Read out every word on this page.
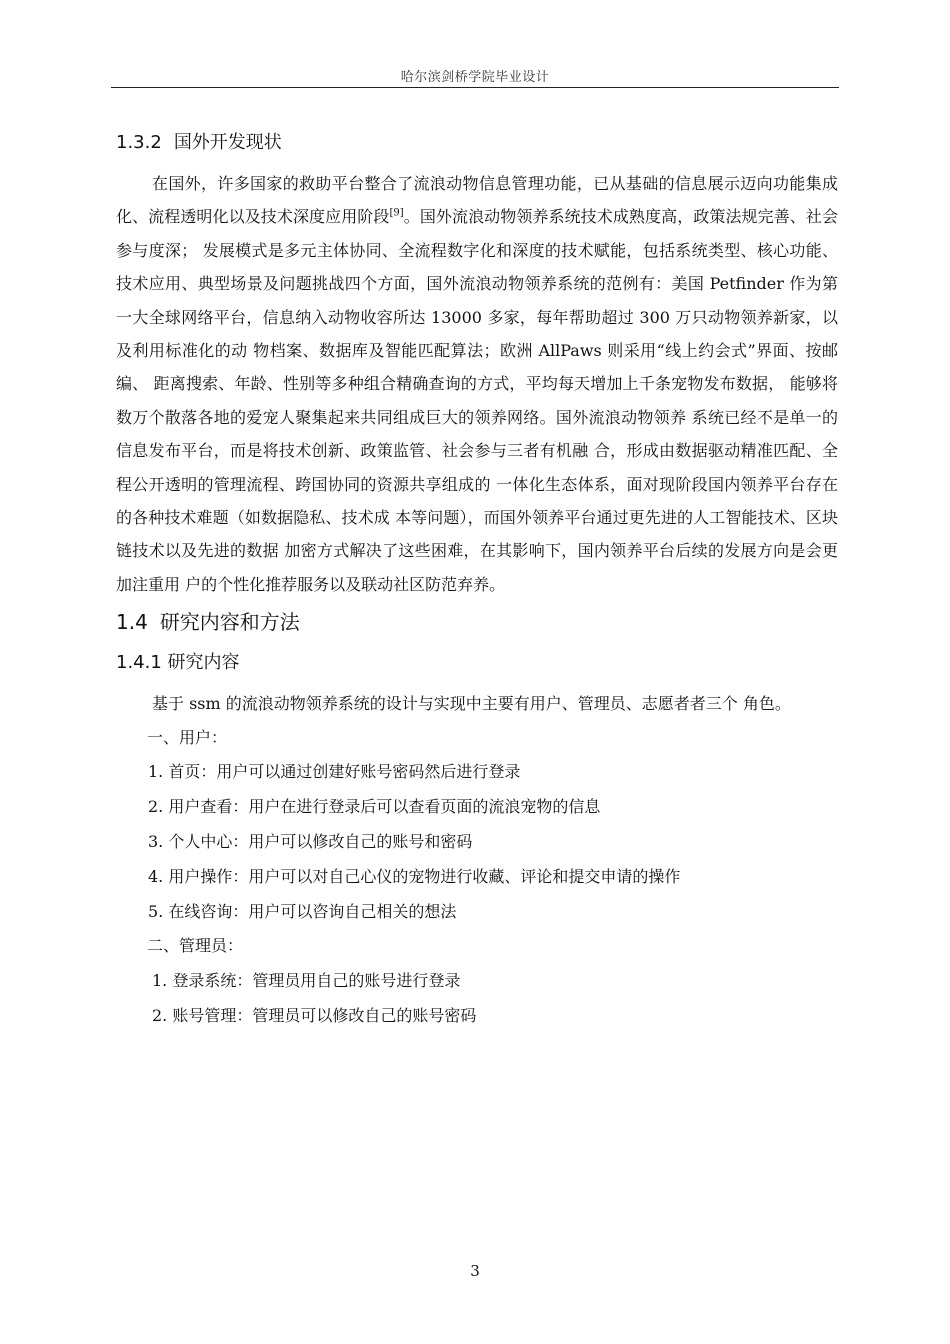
哈尔滨剑桥学院毕业设计
1.3.2 国外开发现状

在国外，许多国家的救助平台整合了流浪动物信息管理功能，已从基础的信息展示迈向功能集成化、流程透明化以及技术深度应用阶段[9]。国外流浪动物领养系统技术成熟度高，政策法规完善、社会参与度深； 发展模式是多元主体协同、全流程数字化和深度的技术赋能，包括系统类型、核心功能、技术应用、典型场景及问题挑战四个方面，国外流浪动物领养系统的范例有：美国 Petfinder 作为第一大全球网络平台，信息纳入动物收容所达 13000 多家，每年帮助超过 300 万只动物领养新家，以及利用标准化的动 物档案、数据库及智能匹配算法；欧洲 AllPaws 则采用“线上约会式”界面、按邮编、 距离搜索、年龄、性别等多种组合精确查询的方式，平均每天增加上千条宠物发布数据， 能够将数万个散落各地的爱宠人聚集起来共同组成巨大的领养网络。国外流浪动物领养 系统已经不是单一的信息发布平台，而是将技术创新、政策监管、社会参与三者有机融 合，形成由数据驱动精准匹配、全程公开透明的管理流程、跨国协同的资源共享组成的 一体化生态体系，面对现阶段国内领养平台存在的各种技术难题（如数据隐私、技术成 本等问题），而国外领养平台通过更先进的人工智能技术、区块链技术以及先进的数据 加密方式解决了这些困难，在其影响下，国内领养平台后续的发展方向是会更加注重用 户的个性化推荐服务以及联动社区防范弃养。

1.4 研究内容和方法
1.4.1 研究内容

基于 ssm 的流浪动物领养系统的设计与实现中主要有用户、管理员、志愿者者三个 角色。

一、用户：
1. 首页：用户可以通过创建好账号密码然后进行登录
2. 用户查看：用户在进行登录后可以查看页面的流浪宠物的信息
3. 个人中心：用户可以修改自己的账号和密码
4. 用户操作：用户可以对自己心仪的宠物进行收藏、评论和提交申请的操作
5. 在线咨询：用户可以咨询自己相关的想法
二、管理员：
1. 登录系统：管理员用自己的账号进行登录
2. 账号管理：管理员可以修改自己的账号密码
3
